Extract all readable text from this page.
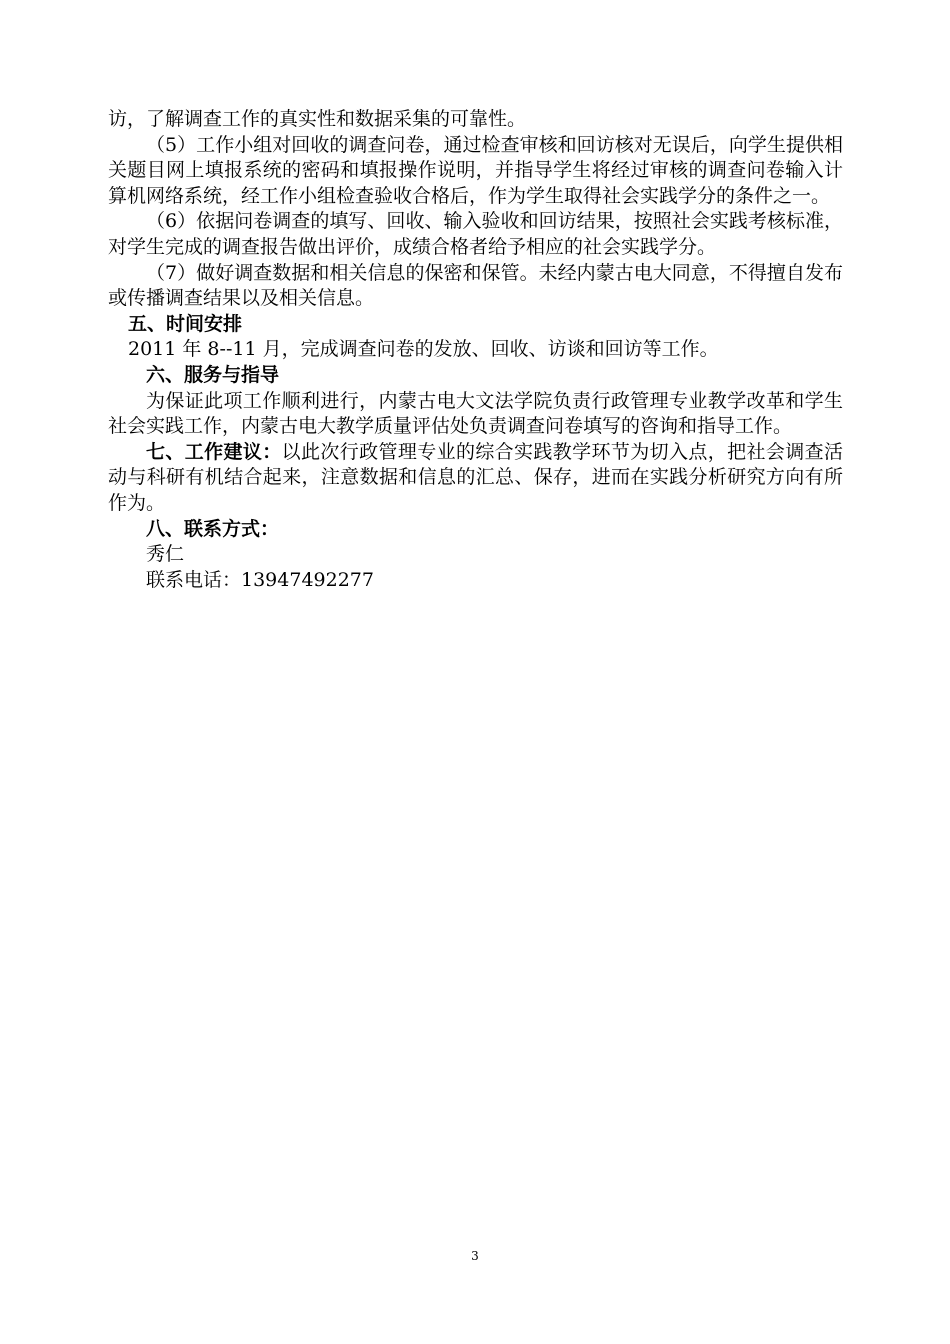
访，了解调查工作的真实性和数据采集的可靠性。

（5）工作小组对回收的调查问卷，通过检查审核和回访核对无误后，向学生提供相关题目网上填报系统的密码和填报操作说明，并指导学生将经过审核的调查问卷输入计算机网络系统，经工作小组检查验收合格后，作为学生取得社会实践学分的条件之一。

（6）依据问卷调查的填写、回收、输入验收和回访结果，按照社会实践考核标准，对学生完成的调查报告做出评价，成绩合格者给予相应的社会实践学分。

（7）做好调查数据和相关信息的保密和保管。未经内蒙古电大同意，不得擅自发布或传播调查结果以及相关信息。

五、时间安排

2011 年 8--11 月，完成调查问卷的发放、回收、访谈和回访等工作。

六、服务与指导

为保证此项工作顺利进行，内蒙古电大文法学院负责行政管理专业教学改革和学生社会实践工作，内蒙古电大教学质量评估处负责调查问卷填写的咨询和指导工作。

七、工作建议：以此次行政管理专业的综合实践教学环节为切入点，把社会调查活动与科研有机结合起来，注意数据和信息的汇总、保存，进而在实践分析研究方向有所作为。

八、联系方式：

秀仁

联系电话：13947492277

3
